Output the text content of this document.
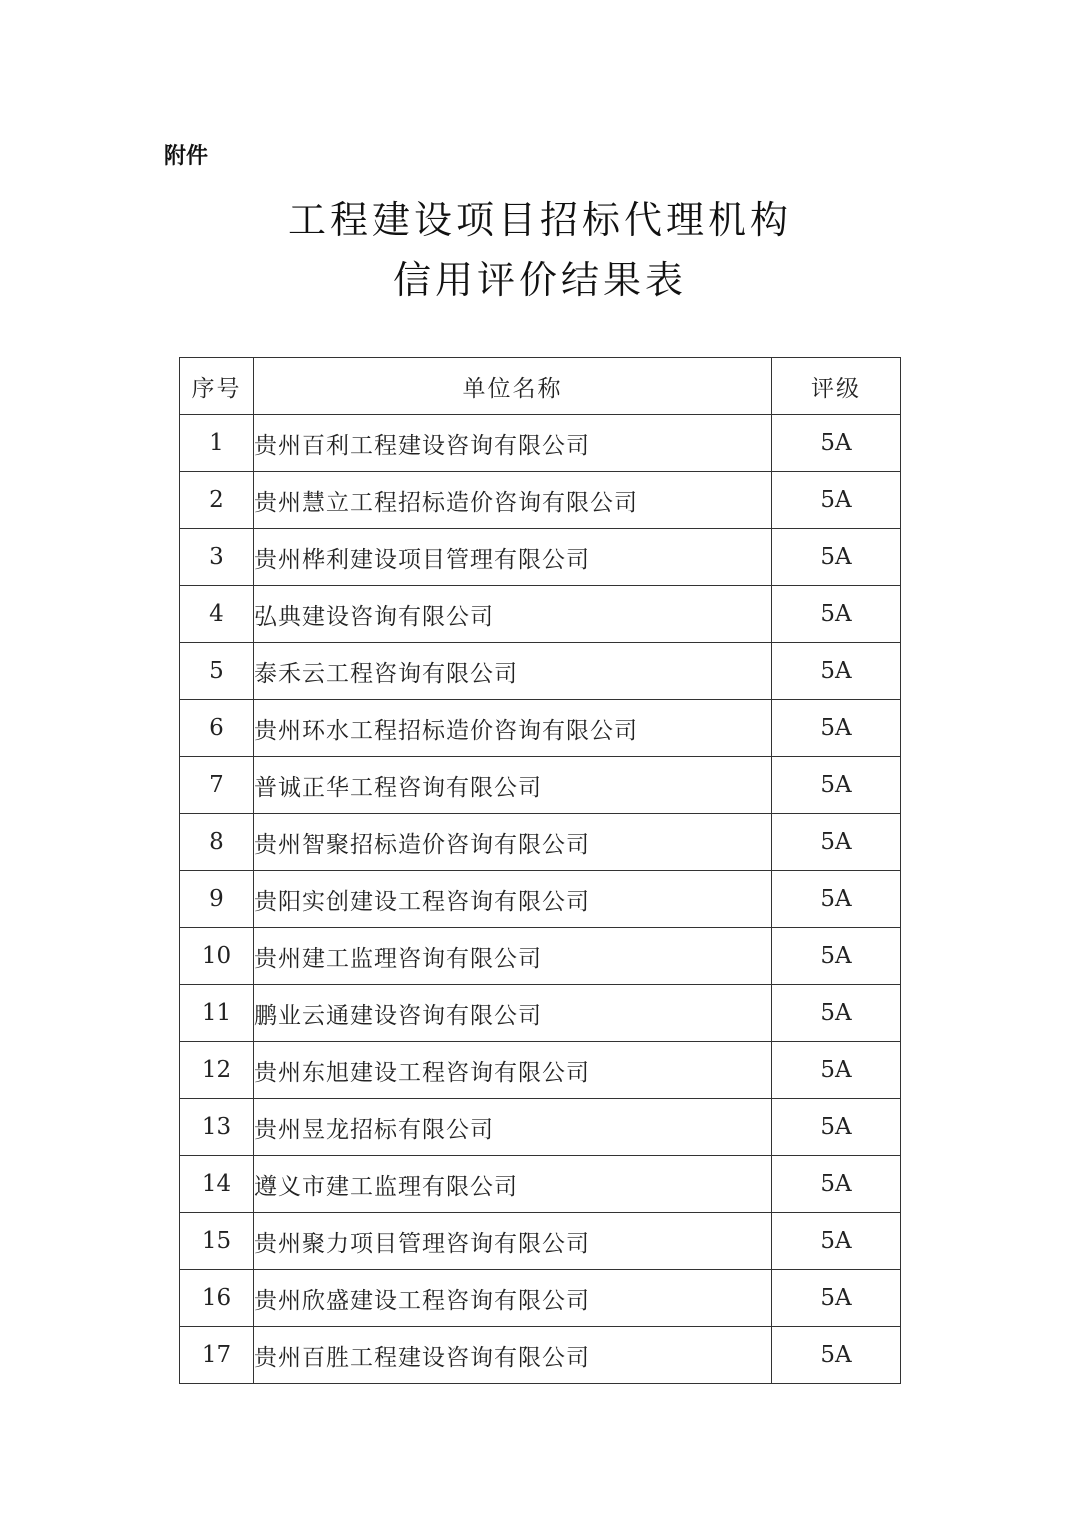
附件
工程建设项目招标代理机构
信用评价结果表
序号	单位名称	评级
1	贵州百利工程建设咨询有限公司	5A
2	贵州慧立工程招标造价咨询有限公司	5A
3	贵州桦利建设项目管理有限公司	5A
4	弘典建设咨询有限公司	5A
5	泰禾云工程咨询有限公司	5A
6	贵州环水工程招标造价咨询有限公司	5A
7	普诚正华工程咨询有限公司	5A
8	贵州智聚招标造价咨询有限公司	5A
9	贵阳实创建设工程咨询有限公司	5A
10	贵州建工监理咨询有限公司	5A
11	鹏业云通建设咨询有限公司	5A
12	贵州东旭建设工程咨询有限公司	5A
13	贵州昱龙招标有限公司	5A
14	遵义市建工监理有限公司	5A
15	贵州聚力项目管理咨询有限公司	5A
16	贵州欣盛建设工程咨询有限公司	5A
17	贵州百胜工程建设咨询有限公司	5A
